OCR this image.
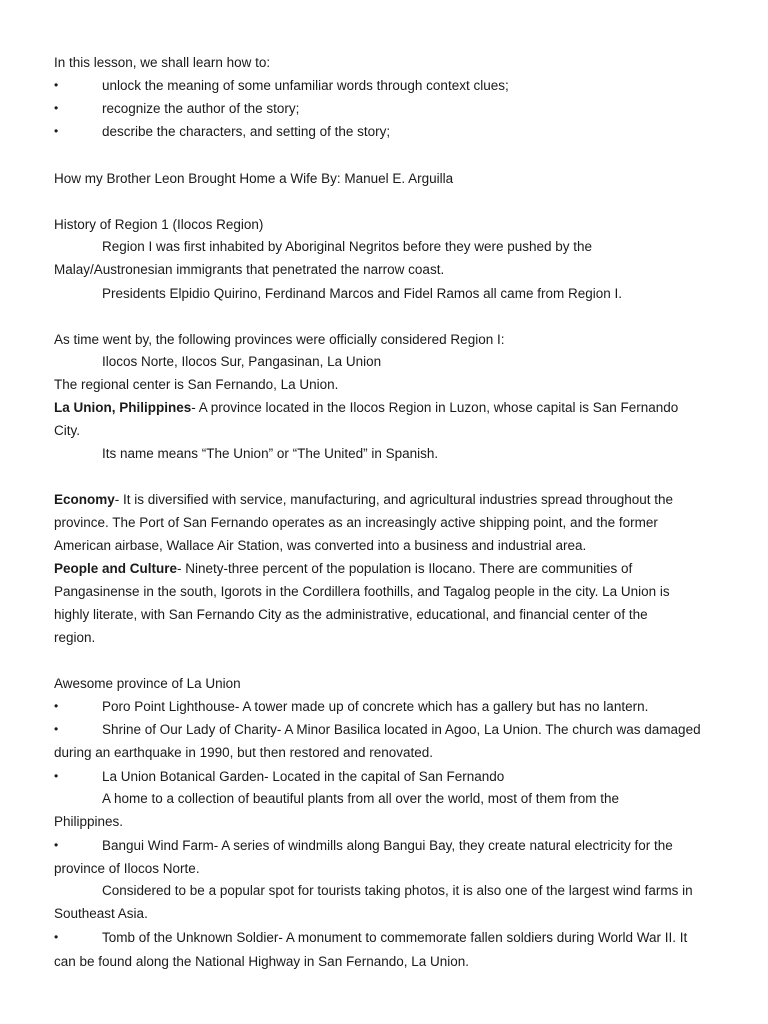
In this lesson, we shall learn how to:
•	unlock the meaning of some unfamiliar words through context clues;
•	recognize the author of the story;
•	describe the characters, and setting of the story;
How my Brother Leon Brought Home a Wife By: Manuel E. Arguilla
History of Region 1 (Ilocos Region)
Region I was first inhabited by Aboriginal Negritos before they were pushed by the
Malay/Austronesian immigrants that penetrated the narrow coast.
Presidents Elpidio Quirino, Ferdinand Marcos and Fidel Ramos all came from Region I.
As time went by, the following provinces were officially considered Region I:
Ilocos Norte, Ilocos Sur, Pangasinan, La Union
The regional center is San Fernando, La Union.
La Union, Philippines- A province located in the Ilocos Region in Luzon, whose capital is San Fernando
City.
Its name means “The Union” or “The United” in Spanish.
Economy- It is diversified with service, manufacturing, and agricultural industries spread throughout the
province. The Port of San Fernando operates as an increasingly active shipping point, and the former
American airbase, Wallace Air Station, was converted into a business and industrial area.
People and Culture- Ninety-three percent of the population is Ilocano. There are communities of
Pangasinense in the south, Igorots in the Cordillera foothills, and Tagalog people in the city. La Union is
highly literate, with San Fernando City as the administrative, educational, and financial center of the
region.
Awesome province of La Union
•	Poro Point Lighthouse- A tower made up of concrete which has a gallery but has no lantern.
•	Shrine of Our Lady of Charity- A Minor Basilica located in Agoo, La Union. The church was damaged
during an earthquake in 1990, but then restored and renovated.
•	La Union Botanical Garden- Located in the capital of San Fernando
A home to a collection of beautiful plants from all over the world, most of them from the
Philippines.
•	Bangui Wind Farm- A series of windmills along Bangui Bay, they create natural electricity for the
province of Ilocos Norte.
Considered to be a popular spot for tourists taking photos, it is also one of the largest wind farms in
Southeast Asia.
•	Tomb of the Unknown Soldier- A monument to commemorate fallen soldiers during World War II. It
can be found along the National Highway in San Fernando, La Union.
